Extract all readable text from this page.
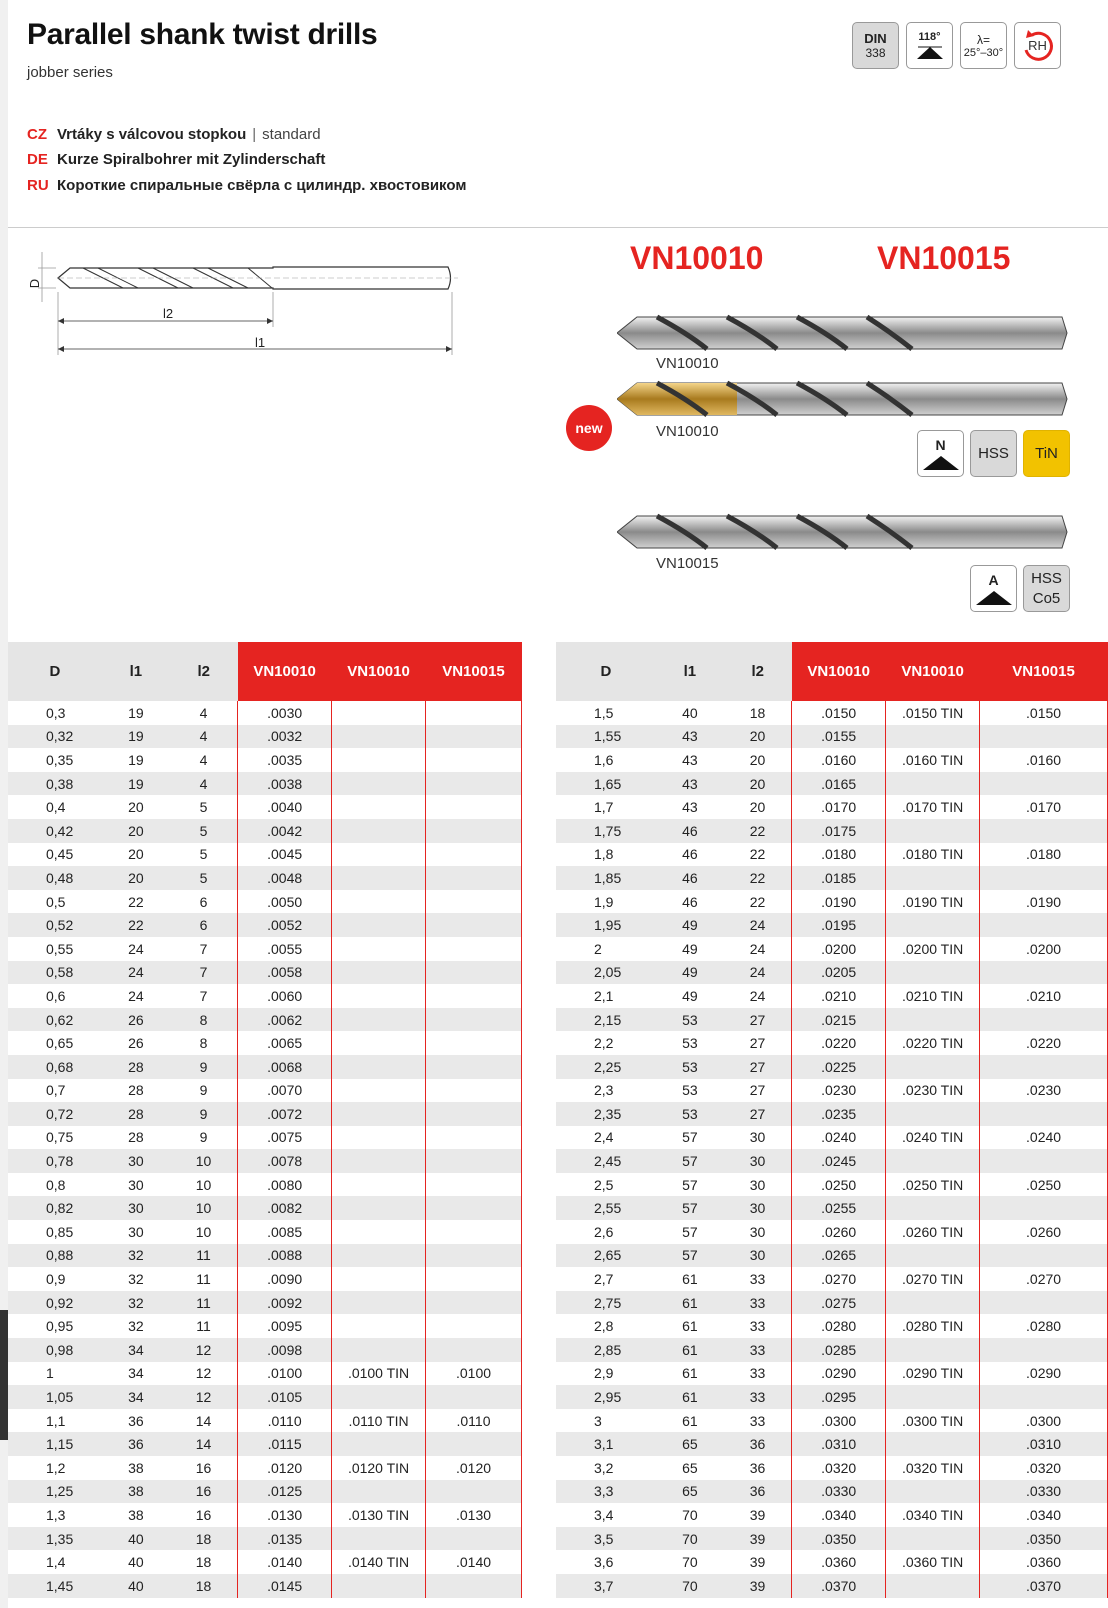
Parallel shank twist drills
jobber series
CZ Vrtáky s válcovou stopkou | standard
DE Kurze Spiralbohrer mit Zylinderschaft
RU Короткие спиральные свёрла с цилиндр. хвостовиком
DIN
338
118°	λ=
25°–30° RH
D
l2
l1
VN10010	VN10015
VN10010
VN10010
new
N
HSS TiN
VN10015
A HSS
Co5
D	l1	l2	VN10010	VN10010	VN10015
0,3	19	4	.0030		
0,32	19	4	.0032		
0,35	19	4	.0035		
0,38	19	4	.0038		
0,4	20	5	.0040		
0,42	20	5	.0042		
0,45	20	5	.0045		
0,48	20	5	.0048		
0,5	22	6	.0050		
0,52	22	6	.0052		
0,55	24	7	.0055		
0,58	24	7	.0058		
0,6	24	7	.0060		
0,62	26	8	.0062		
0,65	26	8	.0065		
0,68	28	9	.0068		
0,7	28	9	.0070		
0,72	28	9	.0072		
0,75	28	9	.0075		
0,78	30	10	.0078		
0,8	30	10	.0080		
0,82	30	10	.0082		
0,85	30	10	.0085		
0,88	32	11	.0088		
0,9	32	11	.0090		
0,92	32	11	.0092		
0,95	32	11	.0095		
0,98	34	12	.0098		
1	34	12	.0100	.0100 TIN	.0100
1,05	34	12	.0105		
1,1	36	14	.0110	.0110 TIN	.0110
1,15	36	14	.0115		
1,2	38	16	.0120	.0120 TIN	.0120
1,25	38	16	.0125		
1,3	38	16	.0130	.0130 TIN	.0130
1,35	40	18	.0135		
1,4	40	18	.0140	.0140 TIN	.0140
1,45	40	18	.0145		
D	l1	l2	VN10010	VN10010	VN10015
1,5	40	18	.0150	.0150 TIN	.0150
1,55	43	20	.0155		
1,6	43	20	.0160	.0160 TIN	.0160
1,65	43	20	.0165		
1,7	43	20	.0170	.0170 TIN	.0170
1,75	46	22	.0175		
1,8	46	22	.0180	.0180 TIN	.0180
1,85	46	22	.0185		
1,9	46	22	.0190	.0190 TIN	.0190
1,95	49	24	.0195		
2	49	24	.0200	.0200 TIN	.0200
2,05	49	24	.0205		
2,1	49	24	.0210	.0210 TIN	.0210
2,15	53	27	.0215		
2,2	53	27	.0220	.0220 TIN	.0220
2,25	53	27	.0225		
2,3	53	27	.0230	.0230 TIN	.0230
2,35	53	27	.0235		
2,4	57	30	.0240	.0240 TIN	.0240
2,45	57	30	.0245		
2,5	57	30	.0250	.0250 TIN	.0250
2,55	57	30	.0255		
2,6	57	30	.0260	.0260 TIN	.0260
2,65	57	30	.0265		
2,7	61	33	.0270	.0270 TIN	.0270
2,75	61	33	.0275		
2,8	61	33	.0280	.0280 TIN	.0280
2,85	61	33	.0285		
2,9	61	33	.0290	.0290 TIN	.0290
2,95	61	33	.0295		
3	61	33	.0300	.0300 TIN	.0300
3,1	65	36	.0310		.0310
3,2	65	36	.0320	.0320 TIN	.0320
3,3	65	36	.0330		.0330
3,4	70	39	.0340	.0340 TIN	.0340
3,5	70	39	.0350		.0350
3,6	70	39	.0360	.0360 TIN	.0360
3,7	70	39	.0370		.0370
